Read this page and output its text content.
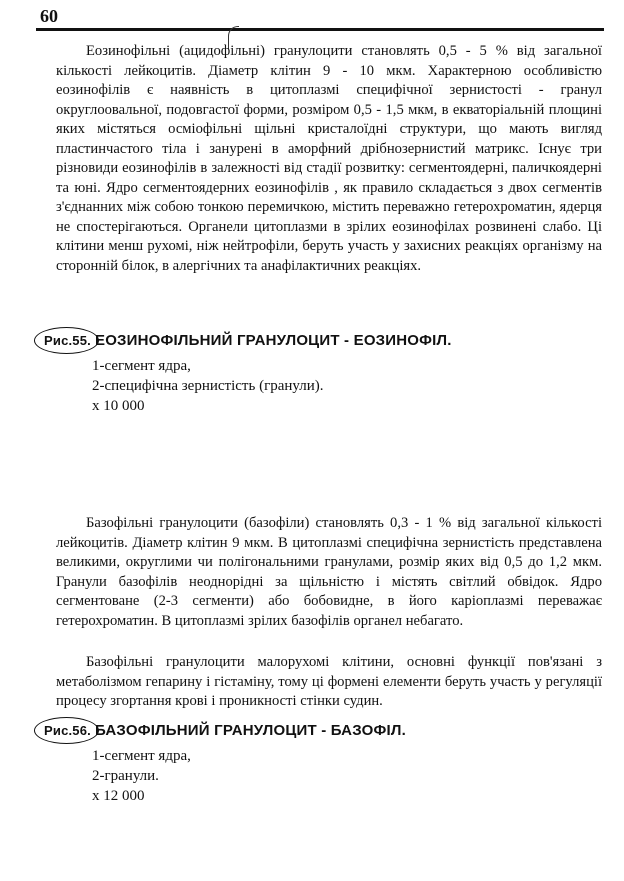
60

Еозинофільні (ацидофільні) гранулоцити становлять 0,5 - 5 % від загальної кількості лейкоцитів. Діаметр клітин 9 - 10 мкм. Характерною особливістю еозинофілів є наявність в цитоплазмі специфічної зернистості - гранул округлоовальної, подовгастої форми, розміром 0,5 - 1,5 мкм, в екваторіальній площині яких містяться осміофільні щільні кристалоїдні структури, що мають вигляд пластинчастого тіла і занурені в аморфний дрібнозернистий матрикс. Існує три різновиди еозинофілів в залежності від стадії розвитку: сегментоядерні, паличкоядерні та юні. Ядро сегментоядерних еозинофілів , як правило складається з двох сегментів з'єднанних між собою тонкою перемичкою, містить переважно гетерохроматин, ядерця не спостерігаються. Органели цитоплазми в зрілих еозинофілах розвинені слабо. Ці клітини менш рухомі, ніж нейтрофіли, беруть участь у захисних реакціях організму на сторонній білок, в алергічних та анафілактичних реакціях.

Рис.55. ЕОЗИНОФІЛЬНИЙ ГРАНУЛОЦИТ - ЕОЗИНОФІЛ.
1-сегмент ядра,
2-специфічна зернистість (гранули).
х 10 000

Базофільні гранулоцити (базофіли) становлять 0,3 - 1 % від загальної кількості лейкоцитів. Діаметр клітин 9 мкм. В цитоплазмі специфічна зернистість представлена великими, округлими чи полігональними гранулами, розмір яких від 0,5 до 1,2 мкм. Гранули базофілів неоднорідні за щільністю і містять світлий обвідок. Ядро сегментоване (2-3 сегменти) або бобовидне, в його каріоплазмі переважає гетерохроматин. В цитоплазмі зрілих базофілів органел небагато.

Базофільні гранулоцити малорухомі клітини, основні функції пов'язані з метаболізмом гепарину і гістаміну, тому ці формені елементи беруть участь у регуляції процесу згортання крові і проникності стінки судин.

Рис.56. БАЗОФІЛЬНИЙ ГРАНУЛОЦИТ - БАЗОФІЛ.
1-сегмент ядра,
2-гранули.
х 12 000
